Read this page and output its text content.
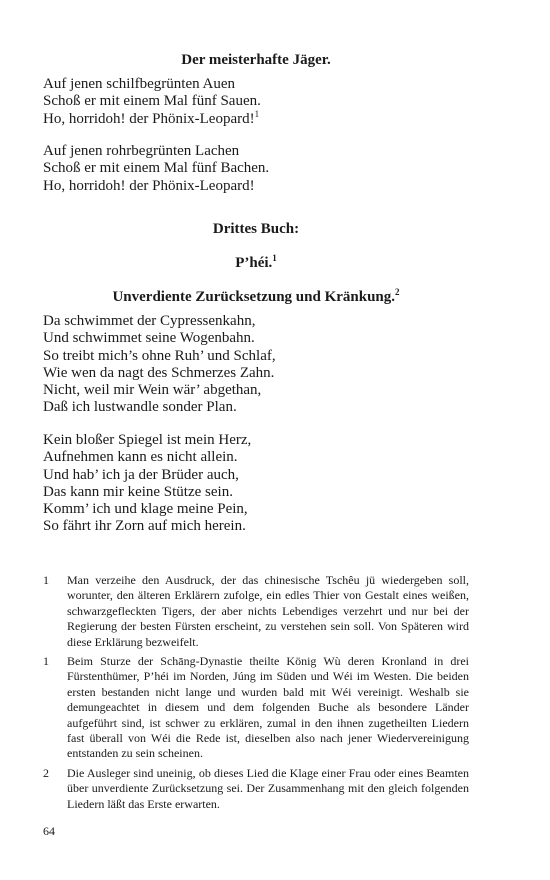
Der meisterhafte Jäger.
Auf jenen schilfbegrünten Auen
Schoß er mit einem Mal fünf Sauen.
Ho, horridoh! der Phönix-Leopard!$^1$
Auf jenen rohrbegrünten Lachen
Schoß er mit einem Mal fünf Bachen.
Ho, horridoh! der Phönix-Leopard!
Drittes Buch:
P’héi.$^1$
Unverdiente Zurücksetzung und Kränkung.$^2$
Da schwimmet der Cypressenkahn,
Und schwimmet seine Wogenbahn.
So treibt mich’s ohne Ruh’ und Schlaf,
Wie wen da nagt des Schmerzes Zahn.
Nicht, weil mir Wein wär’ abgethan,
Daß ich lustwandle sonder Plan.
Kein bloßer Spiegel ist mein Herz,
Aufnehmen kann es nicht allein.
Und hab’ ich ja der Brüder auch,
Das kann mir keine Stütze sein.
Komm’ ich und klage meine Pein,
So fährt ihr Zorn auf mich herein.
1 Man verzeihe den Ausdruck, der das chinesische Tschêu jü wiedergeben soll, worunter, den älteren Erklärern zufolge, ein edles Thier von Gestalt eines weißen, schwarzgefleckten Tigers, der aber nichts Lebendiges verzehrt und nur bei der Regierung der besten Fürsten erscheint, zu verstehen sein soll. Von Späteren wird diese Erklärung bezweifelt.
1 Beim Sturze der Schāng-Dynastie theilte König Wù deren Kronland in drei Fürstenthümer, P’héi im Norden, Júng im Süden und Wéi im Westen. Die beiden ersten bestanden nicht lange und wurden bald mit Wéi vereinigt. Weshalb sie demungeachtet in diesem und dem folgenden Buche als besondere Länder aufgeführt sind, ist schwer zu erklären, zumal in den ihnen zugetheilten Liedern fast überall von Wéi die Rede ist, dieselben also nach jener Wiedervereinigung entstanden zu sein scheinen.
2 Die Ausleger sind uneinig, ob dieses Lied die Klage einer Frau oder eines Beamten über unverdiente Zurücksetzung sei. Der Zusammenhang mit den gleich folgenden Liedern läßt das Erste erwarten.
64
